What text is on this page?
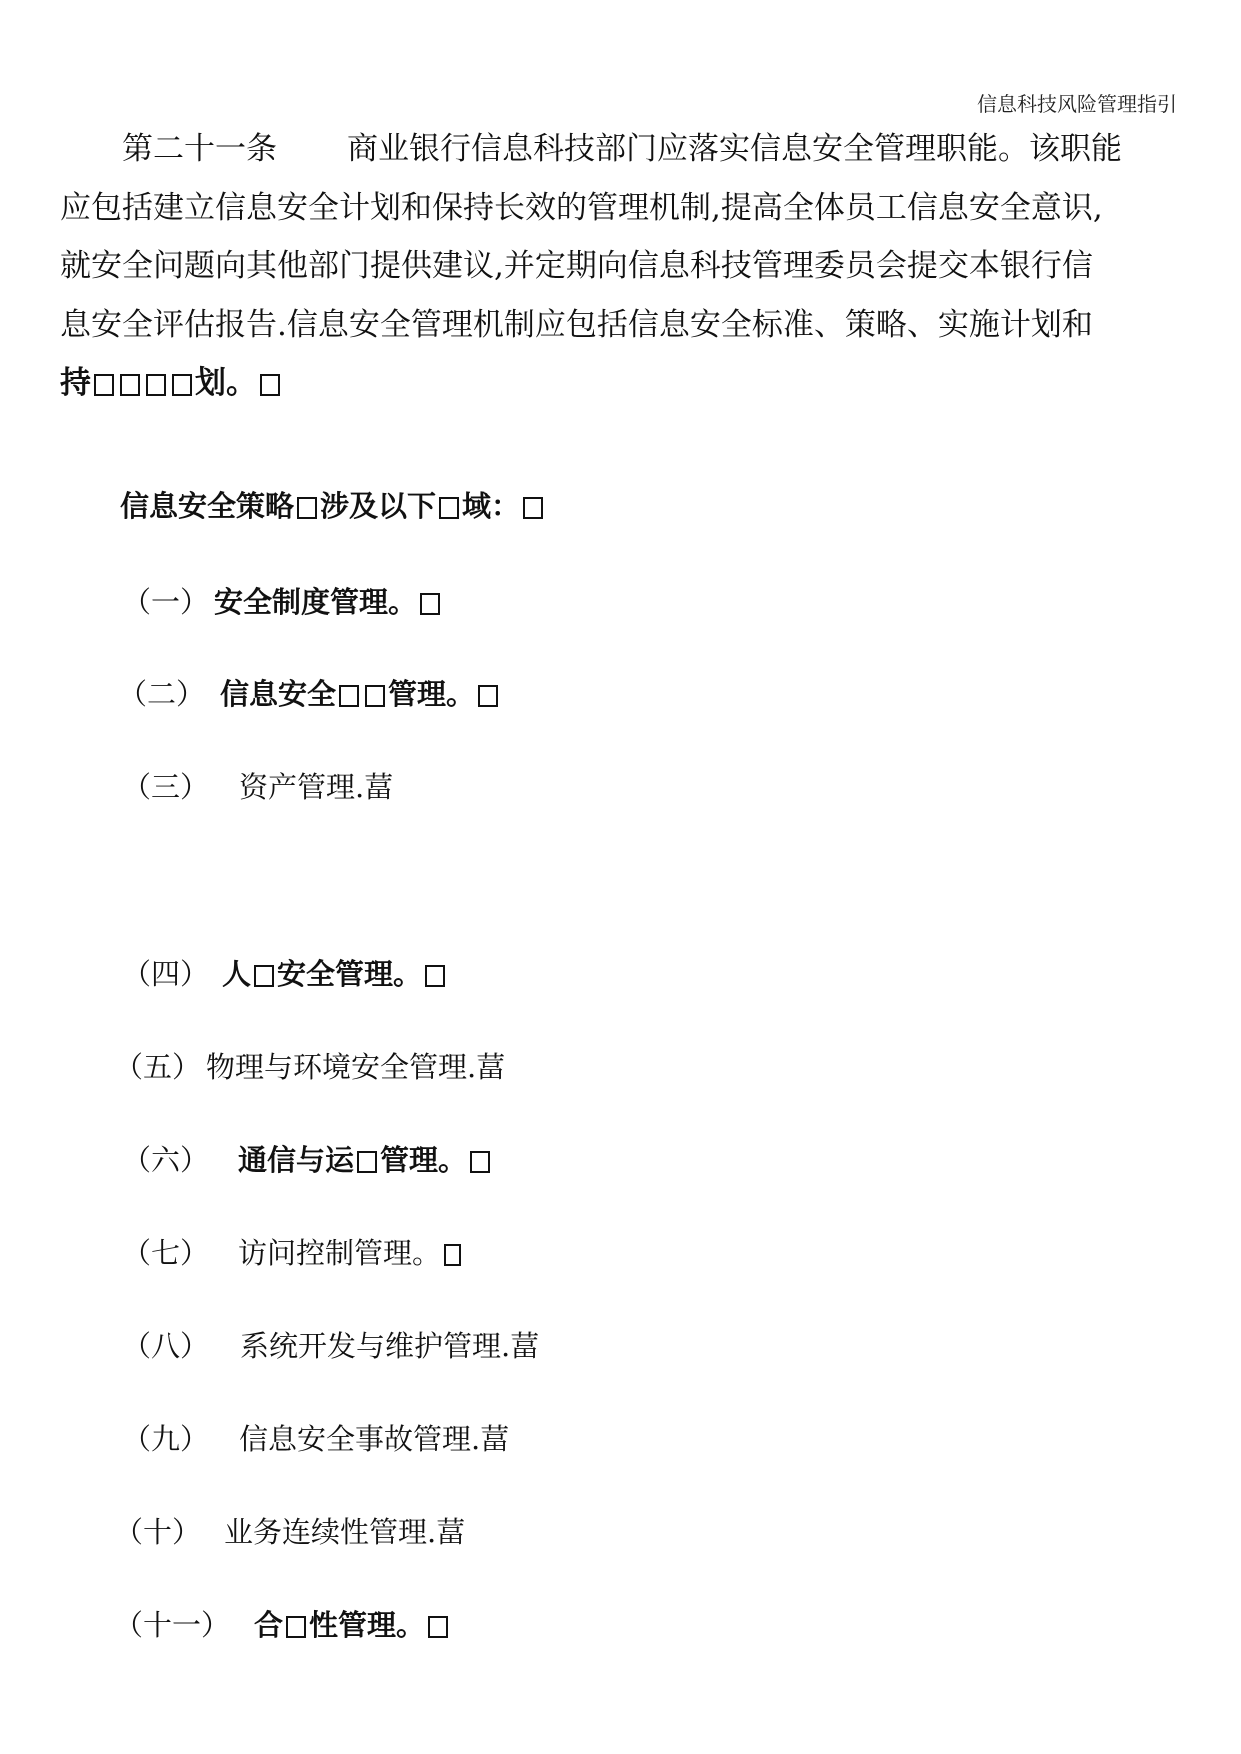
信息科技风险管理指引
第二十一条 商业银行信息科技部门应落实信息安全管理职能。该职能
应包括建立信息安全计划和保持长效的管理机制,提高全体员工信息安全意识,
就安全问题向其他部门提供建议,并定期向信息科技管理委员会提交本银行信
息安全评估报告.信息安全管理机制应包括信息安全标准、策略、实施计划和
持	划。
信息安全策略 涉及以下 域：
（一） 安全制度管理。
（二） 信息安全 管理。
（三） 资产管理.葍
（四） 人 安全管理。
（五） 物理与环境安全管理.葍
（六） 通信与运 管理。
（七） 访问控制管理。
（八） 系统开发与维护管理.葍
（九） 信息安全事故管理.葍
（十） 业务连续性管理.葍
（十一） 合 性管理。
